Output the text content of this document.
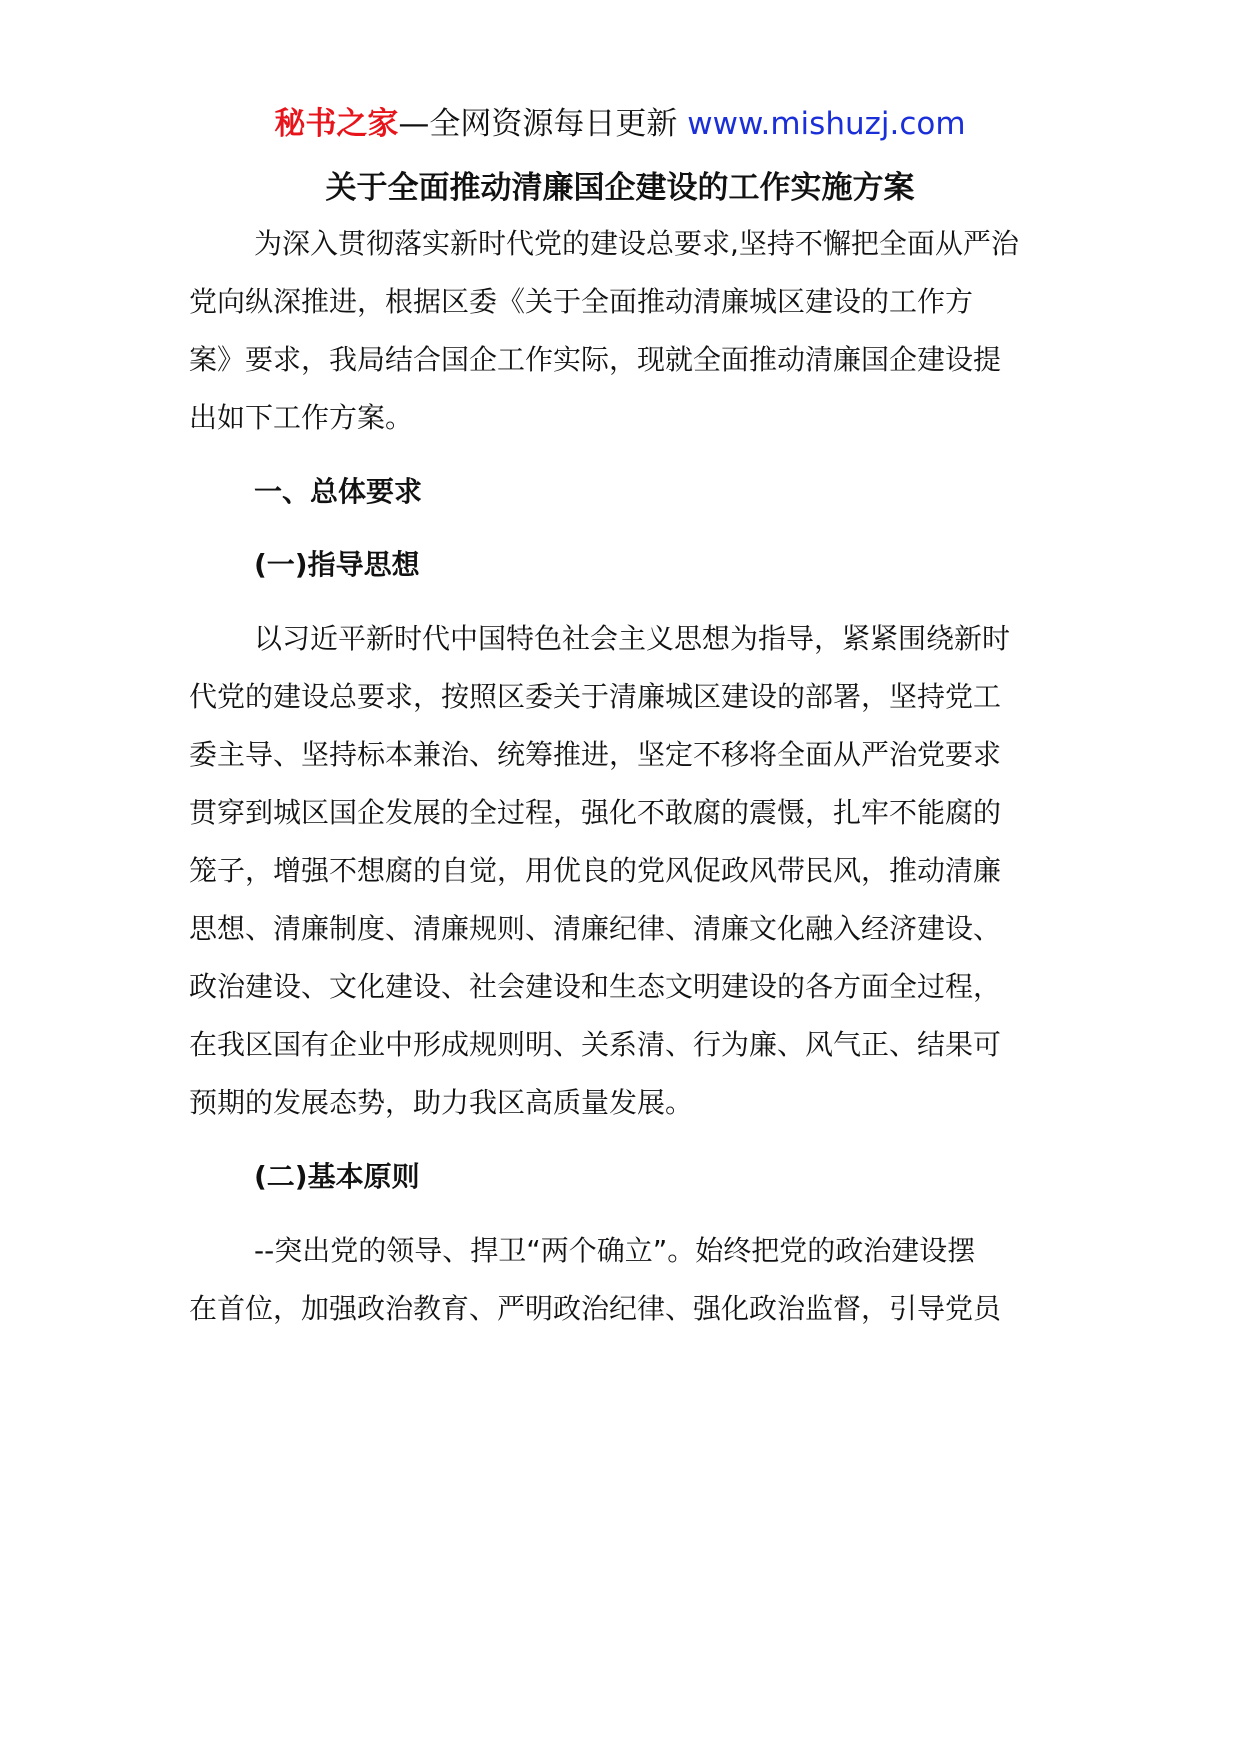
秘书之家—全网资源每日更新 www.mishuzj.com
关于全面推动清廉国企建设的工作实施方案
为深入贯彻落实新时代党的建设总要求,坚持不懈把全面从严治
党向纵深推进，根据区委《关于全面推动清廉城区建设的工作方
案》要求，我局结合国企工作实际，现就全面推动清廉国企建设提
出如下工作方案。
一、总体要求
(一)指导思想
以习近平新时代中国特色社会主义思想为指导，紧紧围绕新时
代党的建设总要求，按照区委关于清廉城区建设的部署，坚持党工
委主导、坚持标本兼治、统筹推进，坚定不移将全面从严治党要求
贯穿到城区国企发展的全过程，强化不敢腐的震慑，扎牢不能腐的
笼子，增强不想腐的自觉，用优良的党风促政风带民风，推动清廉
思想、清廉制度、清廉规则、清廉纪律、清廉文化融入经济建设、
政治建设、文化建设、社会建设和生态文明建设的各方面全过程，
在我区国有企业中形成规则明、关系清、行为廉、风气正、结果可
预期的发展态势，助力我区高质量发展。
(二)基本原则
--突出党的领导、捍卫“两个确立”。始终把党的政治建设摆
在首位，加强政治教育、严明政治纪律、强化政治监督，引导党员
